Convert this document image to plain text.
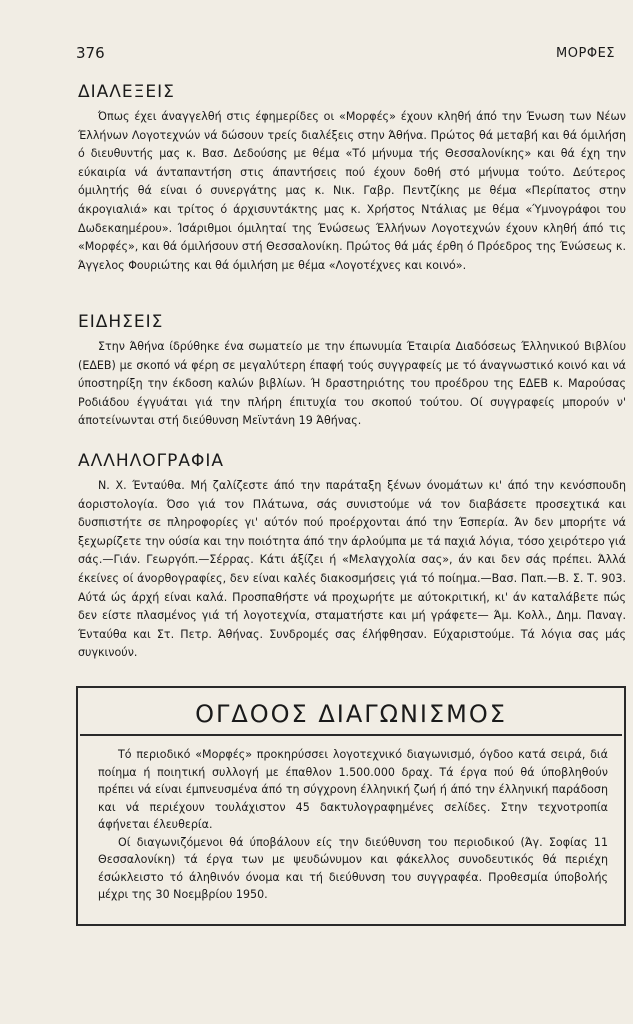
376	ΜΟΡΦΕΣ
ΔΙΑΛΕΞΕΙΣ

Όπως έχει άναγγελθή στις έφημερίδες οι «Μορφές» έχουν κληθή άπό την Ένωση των Νέων Έλλήνων Λογοτεχνών νά δώσουν τρείς διαλέξεις στην Άθήνα. Πρώτος θά μεταβή και θά όμιλήση ό διευθυντής μας κ. Βασ. Δεδούσης με θέμα «Τό μήνυμα τής Θεσσαλονίκης» και θά έχη την εύκαιρία νά άνταπαντήση στις άπαντήσεις πού έχουν δοθή στό μήνυμα τούτο. Δεύτερος όμιλητής θά είναι ό συνεργάτης μας κ. Νικ. Γαβρ. Πεντζίκης με θέμα «Περίπατος στην άκρογιαλιά» και τρίτος ό άρχισυντάκτης μας κ. Χρήστος Ντάλιας με θέμα «Ύμνογράφοι του Δωδεκαημέρου». Ίσάριθμοι όμιληταί της Ένώσεως Έλλήνων Λογοτεχνών έχουν κληθή άπό τις «Μορφές», και θά όμιλήσουν στή Θεσσαλονίκη. Πρώτος θά μάς έρθη ό Πρόεδρος της Ένώσεως κ. Άγγελος Φουριώτης και θά όμιλήση με θέμα «Λογοτέχνες και κοινό».

ΕΙΔΗΣΕΙΣ

Στην Άθήνα ίδρύθηκε ένα σωματείο με την έπωνυμία Έταιρία Διαδόσεως Έλληνικού Βιβλίου (ΕΔΕΒ) με σκοπό νά φέρη σε μεγαλύτερη έπαφή τούς συγγραφείς με τό άναγνωστικό κοινό και νά ύποστηρίξη την έκδοση καλών βιβλίων. Ή δραστηριότης του προέδρου της ΕΔΕΒ κ. Μαρούσας Ροδιάδου έγγυάται γιά την πλήρη έπιτυχία του σκοπού τούτου. Οί συγγραφείς μπορούν ν' άποτείνωνται στή διεύθυνση Μεϊντάνη 19 Άθήνας.

ΑΛΛΗΛΟΓΡΑΦΙΑ

Ν. Χ. Ένταύθα. Μή ζαλίζεστε άπό την παράταξη ξένων όνομάτων κι' άπό την κενόσπουδη άοριστολογία. Όσο γιά τον Πλάτωνα, σάς συνιστούμε νά τον διαβάσετε προσεχτικά και δυσπιστήτε σε πληροφορίες γι' αύτόν πού προέρχονται άπό την Έσπερία. Άν δεν μπορήτε νά ξεχωρίζετε την ούσία και την ποιότητα άπό την άρλούμπα με τά παχιά λόγια, τόσο χειρότερο γιά σάς.—Γιάν. Γεωργόπ.—Σέρρας. Κάτι άξίζει ή «Μελαγχολία σας», άν και δεν σάς πρέπει. Άλλά έκείνες οί άνορθογραφίες, δεν είναι καλές διακοσμήσεις γιά τό ποίημα.—Βασ. Παπ.—Β. Σ. Τ. 903. Αύτά ώς άρχή είναι καλά. Προσπαθήστε νά προχωρήτε με αύτοκριτική, κι' άν καταλάβετε πώς δεν είστε πλασμένος γιά τή λογοτεχνία, σταματήστε και μή γράφετε— Άμ. Κολλ., Δημ. Παναγ. Ένταύθα και Στ. Πετρ. Άθήνας. Συνδρομές σας έλήφθησαν. Εύχαριστούμε. Τά λόγια σας μάς συγκινούν.

ΟΓΔΟΟΣ ΔΙΑΓΩΝΙΣΜΟΣ

Τό περιοδικό «Μορφές» προκηρύσσει λογοτεχνικό διαγωνισμό, όγδοο κατά σειρά, διά ποίημα ή ποιητική συλλογή με έπαθλον 1.500.000 δραχ. Τά έργα πού θά ύποβληθούν πρέπει νά είναι έμπνευσμένα άπό τη σύγχρονη έλληνική ζωή ή άπό την έλληνική παράδοση και νά περιέχουν τουλάχιστον 45 δακτυλογραφημένες σελίδες. Στην τεχνοτροπία άφήνεται έλευθερία.

Οί διαγωνιζόμενοι θά ύποβάλουν είς την διεύθυνση του περιοδικού (Άγ. Σοφίας 11 Θεσσαλονίκη) τά έργα των με ψευδώνυμον και φάκελλος συνοδευτικός θά περιέχη έσώκλειστο τό άληθινόν όνομα και τή διεύθυνση του συγγραφέα. Προθεσμία ύποβολής μέχρι της 30 Νοεμβρίου 1950.
